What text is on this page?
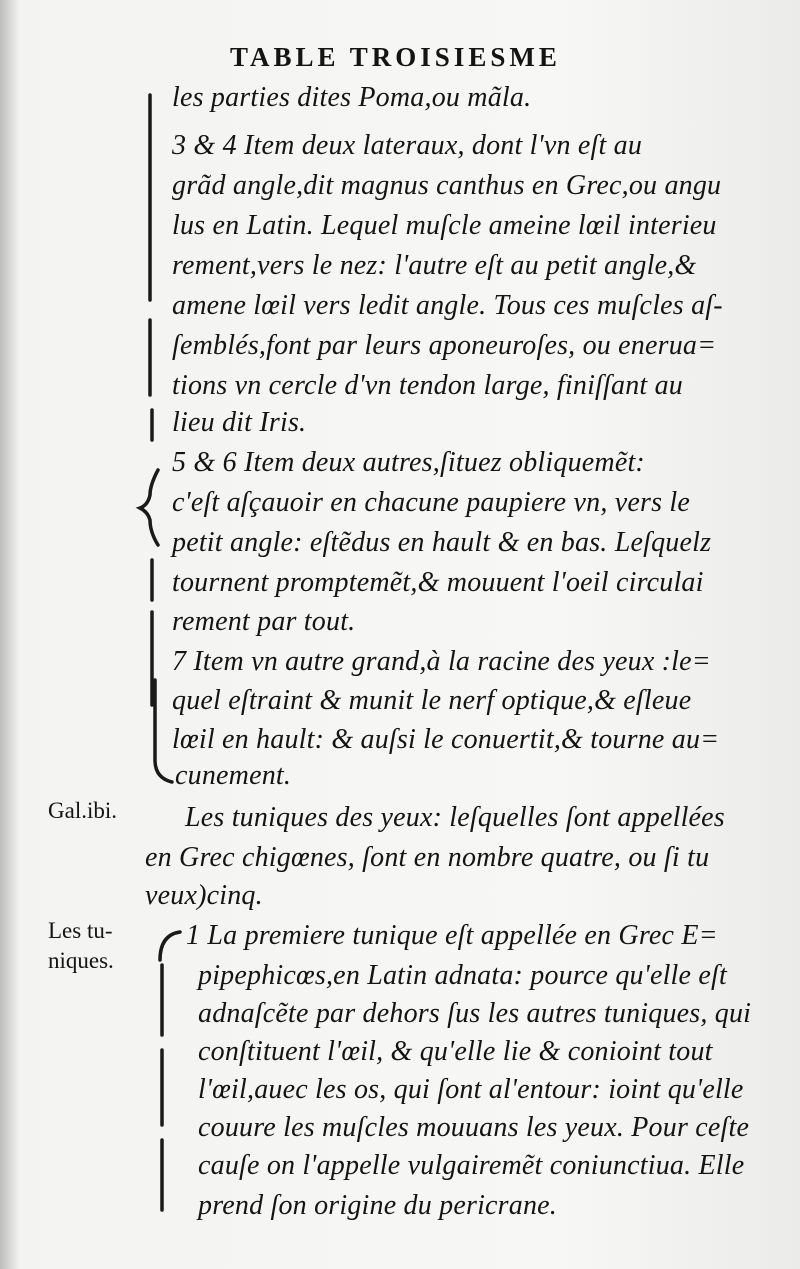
TABLE TROISIESME
Gal.ibi.
Les tu-
niques.
les parties dites Poma,ou mãla.
3 & 4 Item deux lateraux, dont l'vn eſt au
grãd angle,dit magnus canthus en Grec,ou angu
lus en Latin. Lequel muſcle ameine lœil interieu
rement,vers le nez: l'autre eſt au petit angle,&
amene lœil vers ledit angle. Tous ces muſcles aſ-
ſemblés,font par leurs aponeuroſes, ou enerua=
tions vn cercle d'vn tendon large, finiſſant au
lieu dit Iris.
5 & 6 Item deux autres,ſituez obliquemẽt:
c'eſt aſçauoir en chacune paupiere vn, vers le
petit angle: eſtẽdus en hault & en bas. Leſquelz
tournent promptemẽt,& mouuent l'oeil circulai
rement par tout.
7 Item vn autre grand,à la racine des yeux :le=
quel eſtraint & munit le nerf optique,& eſleue
lœil en hault: & auſsi le conuertit,& tourne au=
cunement.
Les tuniques des yeux: leſquelles ſont appellées
en Grec chigœnes, ſont en nombre quatre, ou ſi tu
veux)cinq.
1 La premiere tunique eſt appellée en Grec E=
pipephicœs,en Latin adnata: pource qu'elle eſt
adnaſcẽte par dehors ſus les autres tuniques, qui
conſtituent l'œil, & qu'elle lie & conioint tout
l'œil,auec les os, qui ſont al'entour: ioint qu'elle
couure les muſcles mouuans les yeux. Pour ceſte
cauſe on l'appelle vulgairemẽt coniunctiua. Elle
prend ſon origine du pericrane.
